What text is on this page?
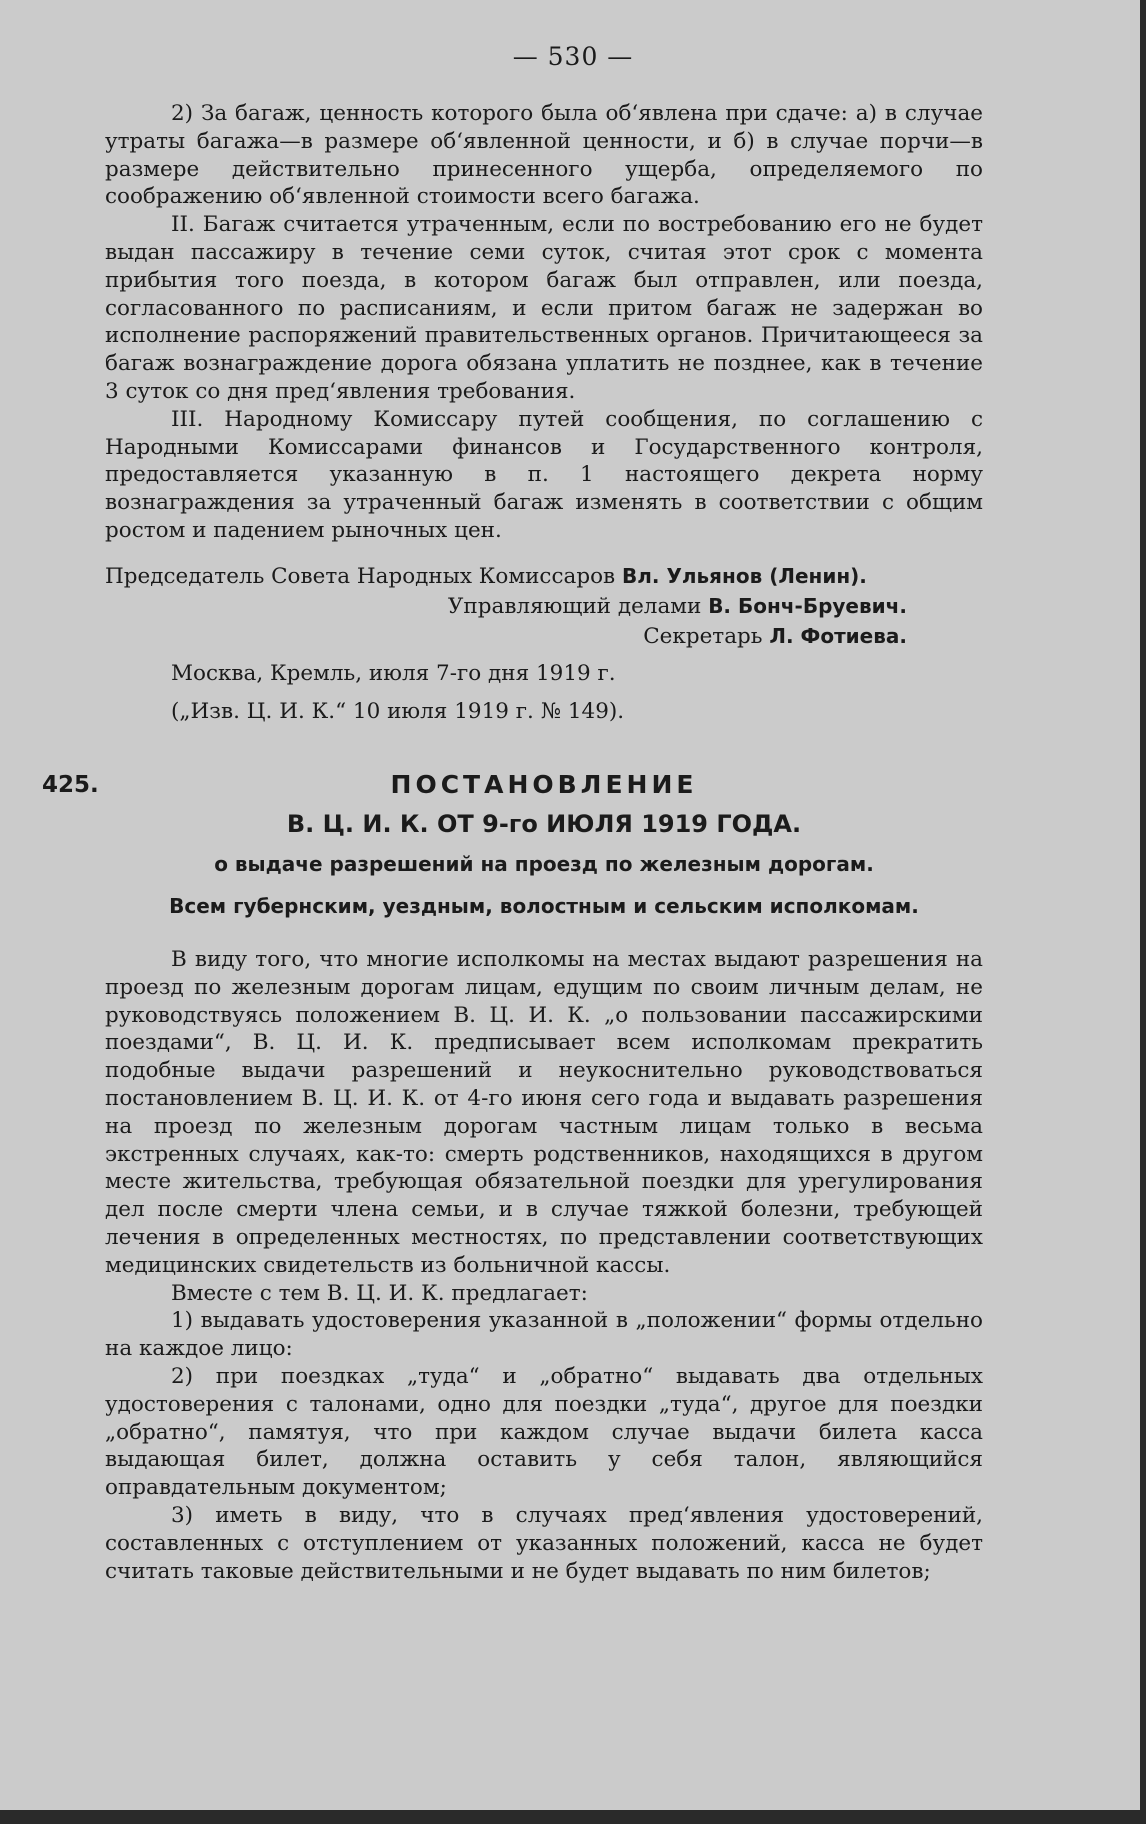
— 530 —

2) За багаж, ценность которого была об‘явлена при сдаче: а) в случае утраты багажа—в размере об‘явленной ценности, и б) в случае порчи—в размере действительно принесенного ущерба, определяемого по соображению об‘явленной стоимости всего багажа.

II. Багаж считается утраченным, если по востребованию его не будет выдан пассажиру в течение семи суток, считая этот срок с момента прибытия того поезда, в котором багаж был отправлен, или поезда, согласованного по расписаниям, и если притом багаж не задержан во исполнение распоряжений правительственных органов. Причитающееся за багаж вознаграждение дорога обязана уплатить не позднее, как в течение 3 суток со дня пред‘явления требования.

III. Народному Комиссару путей сообщения, по соглашению с Народными Комиссарами финансов и Государственного контроля, предоставляется указанную в п. 1 настоящего декрета норму вознаграждения за утраченный багаж изменять в соответствии с общим ростом и падением рыночных цен.

Председатель Совета Народных Комиссаров Вл. Ульянов (Ленин).
Управляющий делами В. Бонч-Бруевич.
Секретарь Л. Фотиева.
Москва, Кремль, июля 7-го дня 1919 г.
(„Изв. Ц. И. К.“ 10 июля 1919 г. № 149).
425.	ПОСТАНОВЛЕНИЕ
В. Ц. И. К. ОТ 9-го ИЮЛЯ 1919 ГОДА.
о выдаче разрешений на проезд по железным дорогам.
Всем губернским, уездным, волостным и сельским исполкомам.

В виду того, что многие исполкомы на местах выдают разрешения на проезд по железным дорогам лицам, едущим по своим личным делам, не руководствуясь положением В. Ц. И. К. „о пользовании пассажирскими поездами“, В. Ц. И. К. предписывает всем исполкомам прекратить подобные выдачи разрешений и неукоснительно руководствоваться постановлением В. Ц. И. К. от 4-го июня сего года и выдавать разрешения на проезд по железным дорогам частным лицам только в весьма экстренных случаях, как-то: смерть родственников, находящихся в другом месте жительства, требующая обязательной поездки для урегулирования дел после смерти члена семьи, и в случае тяжкой болезни, требующей лечения в определенных местностях, по представлении соответствующих медицинских свидетельств из больничной кассы.

Вместе с тем В. Ц. И. К. предлагает:

1) выдавать удостоверения указанной в „положении“ формы отдельно на каждое лицо:

2) при поездках „туда“ и „обратно“ выдавать два отдельных удостоверения с талонами, одно для поездки „туда“, другое для поездки „обратно“, памятуя, что при каждом случае выдачи билета касса выдающая билет, должна оставить у себя талон, являющийся оправдательным документом;

3) иметь в виду, что в случаях пред‘явления удостоверений, составленных с отступлением от указанных положений, касса не будет считать таковые действительными и не будет выдавать по ним билетов;
